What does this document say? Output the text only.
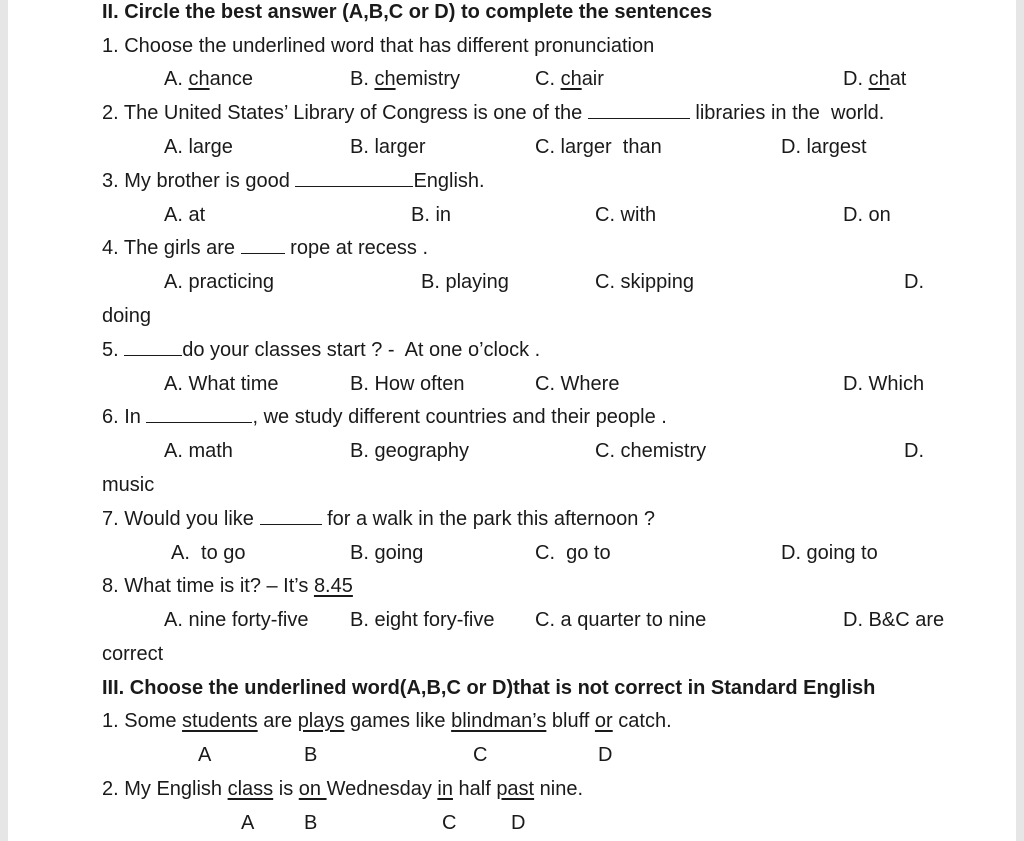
II. Circle the best answer (A,B,C or D) to complete the sentences
1. Choose the underlined word that has different pronunciation
A. chance	B. chemistry	C. chair	D. chat
2. The United States’ Library of Congress is one of the	libraries in the  world.
A. large	B. larger	C. larger  than	D. largest
3. My brother is good	English.
A. at	B. in	C. with	D. on
4. The girls are	rope at recess .
A. practicing	B. playing	C. skipping	D.
doing
5.	do your classes start ? -  At one o’clock .
A. What time	B. How often	C. Where	D. Which
6. In	, we study different countries and their people .
A. math	B. geography	C. chemistry	D.
music
7. Would you like	for a walk in the park this afternoon ?
A.  to go	B. going	C.  go to	D. going to
8. What time is it? – It’s 8.45
A. nine forty-five B. eight fory-five C. a quarter to nine	D. B&C are
correct
III. Choose the underlined word(A,B,C or D)that is not correct in Standard English
1. Some students are plays games like blindman’s bluff or catch.
A	B	C	D
2. My English class is on Wednesday in half past nine.
A B	C	D
